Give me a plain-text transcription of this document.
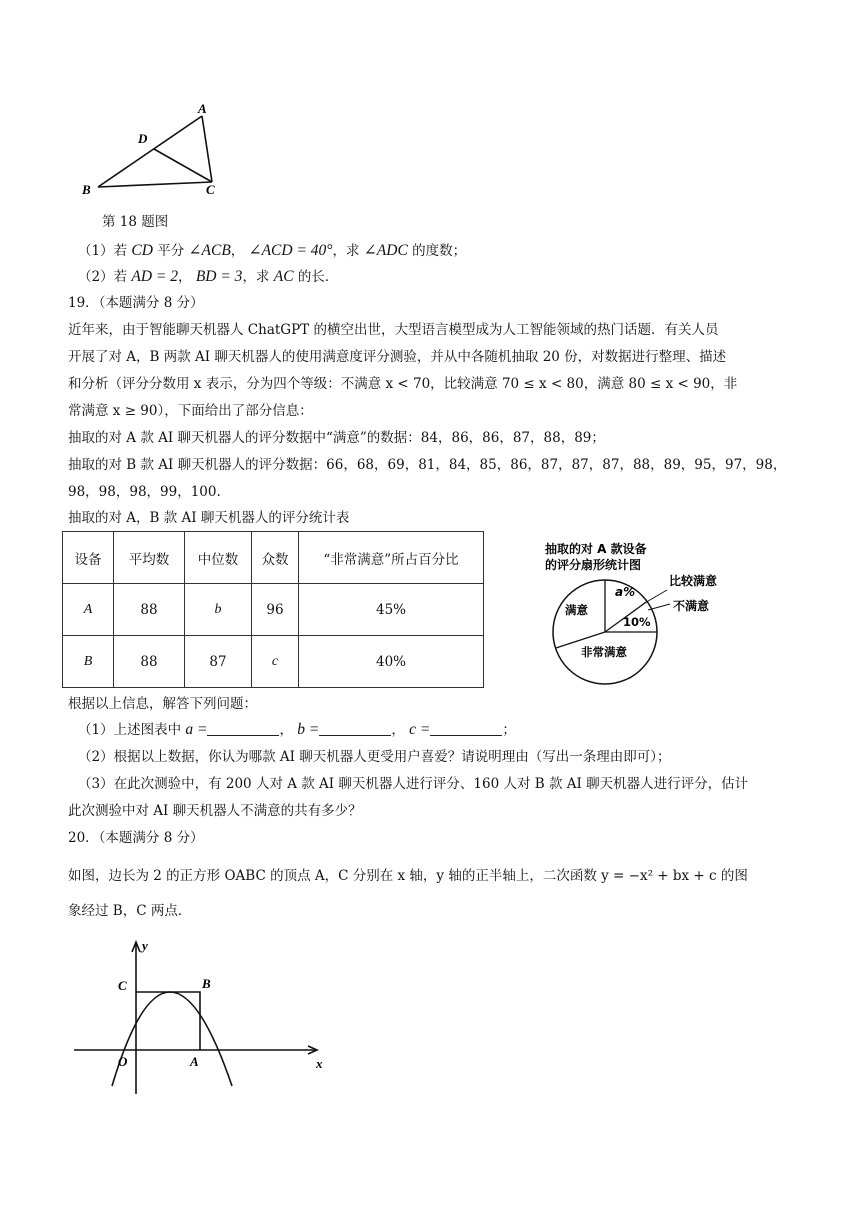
A
D
B	C
第 18 题图
（1）若 CD 平分 ∠ACB， ∠ACD = 40°，求 ∠ADC 的度数；
（2）若 AD = 2， BD = 3，求 AC 的长．
19．（本题满分 8 分）
近年来，由于智能聊天机器人 ChatGPT 的横空出世，大型语言模型成为人工智能领域的热门话题．有关人员
开展了对 A，B 两款 AI 聊天机器人的使用满意度评分测验，并从中各随机抽取 20 份，对数据进行整理、描述
和分析（评分分数用 x 表示，分为四个等级：不满意 x < 70，比较满意 70 ≤ x < 80，满意 80 ≤ x < 90，非
常满意 x ≥ 90），下面给出了部分信息：
抽取的对 A 款 AI 聊天机器人的评分数据中“满意”的数据：84，86，86，87，88，89；
抽取的对 B 款 AI 聊天机器人的评分数据：66，68，69，81，84，85，86，87，87，87，88，89，95，97，98，
98，98，98，99，100.
抽取的对 A，B 款 AI 聊天机器人的评分统计表
设备	平均数	中位数	众数	“非常满意”所占百分比
A	88	b	96	45%
B	88	87	c	40%
抽取的对 A 款设备
的评分扇形统计图
满意
非常满意
a%
10%
比较满意
不满意
根据以上信息，解答下列问题：
（1）上述图表中 a =	， b =	， c =	；
（2）根据以上数据，你认为哪款 AI 聊天机器人更受用户喜爱？请说明理由（写出一条理由即可）；
（3）在此次测验中，有 200 人对 A 款 AI 聊天机器人进行评分、160 人对 B 款 AI 聊天机器人进行评分，估计
此次测验中对 AI 聊天机器人不满意的共有多少？
20．（本题满分 8 分）
如图，边长为 2 的正方形 OABC 的顶点 A，C 分别在 x 轴，y 轴的正半轴上，二次函数 y = −x² + bx + c 的图
象经过 B，C 两点．
y
x
O	A
B
C
